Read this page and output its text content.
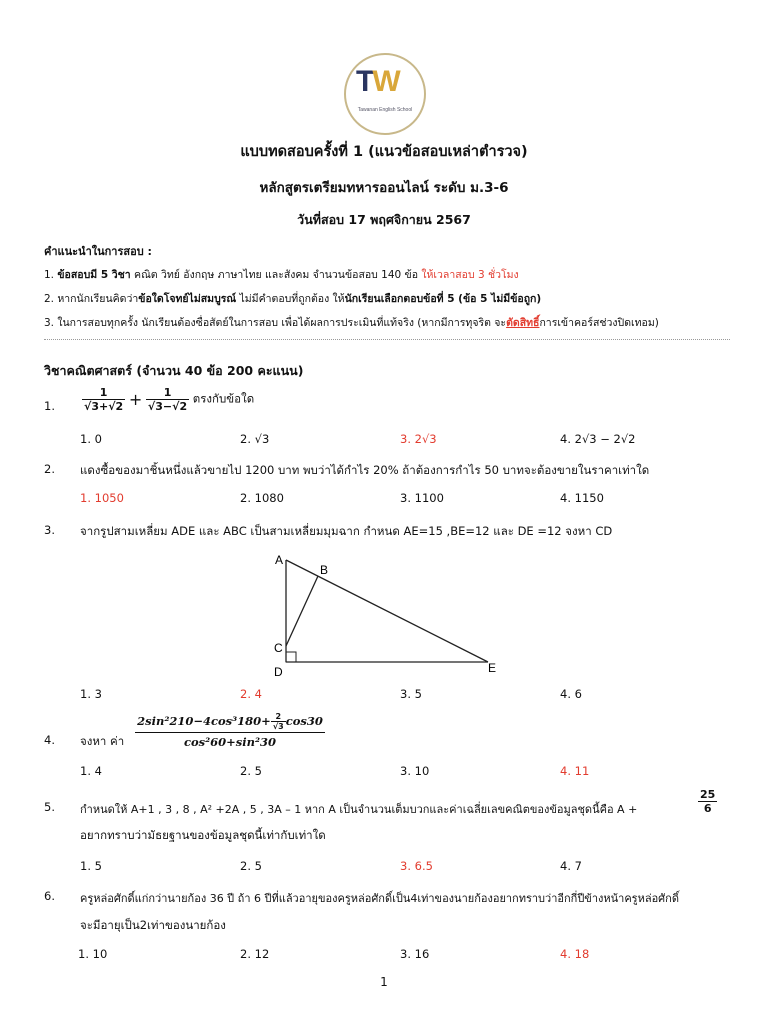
TW
Tawanan English School
แบบทดสอบครั้งที่ 1 (แนวข้อสอบเหล่าตำรวจ)
หลักสูตรเตรียมทหารออนไลน์ ระดับ ม.3-6
วันที่สอบ 17 พฤศจิกายน 2567
คำแนะนำในการสอบ :
1. ข้อสอบมี 5 วิชา คณิต วิทย์ อังกฤษ ภาษาไทย และสังคม จำนวนข้อสอบ 140 ข้อ ให้เวลาสอบ 3 ชั่วโมง
2. หากนักเรียนคิดว่าข้อใดโจทย์ไม่สมบูรณ์ ไม่มีคำตอบที่ถูกต้อง ให้นักเรียนเลือกตอบข้อที่ 5 (ข้อ 5 ไม่มีข้อถูก)
3. ในการสอบทุกครั้ง นักเรียนต้องซื่อสัตย์ในการสอบ เพื่อได้ผลการประเมินที่แท้จริง (หากมีการทุจริต จะตัดสิทธิ์การเข้าคอร์สช่วงปิดเทอม)
วิชาคณิตศาสตร์ (จำนวน 40 ข้อ 200 คะแนน)
1. $\frac{1}{√3+√2} + \frac{1}{√3-√2}$ ตรงกับข้อใด
1. 0	2. √3	3. 2√3	4. 2√3 − 2√2
2. แดงซื้อของมาชิ้นหนึ่งแล้วขายไป 1200 บาท พบว่าได้กำไร 20% ถ้าต้องการกำไร 50 บาทจะต้องขายในราคาเท่าใด
1. 1050	2. 1080	3. 1100	4. 1150
3. จากรูปสามเหลี่ยม ADE และ ABC เป็นสามเหลี่ยมมุมฉาก กำหนด AE=15 ,BE=12 และ DE =12 จงหา CD
A
B
C
D	E
1. 3	2. 4	3. 5	4. 6
4. จงหา ค่า $\frac{2\sin^2210-4\cos^3180+ \frac{2}{√3} \cos 30}{\text{cos²60+sin²30}}$
1. 4	2. 5	3. 10	4. 11
5. กำหนดให้ A+1 , 3 , 8 , A² +2A , 5 , 3A – 1 หาก A เป็นจำนวนเต็มบวกและค่าเฉลี่ยเลขคณิตของข้อมูลชุดนี้คือ A +	$\frac{25}{6}$
อยากทราบว่ามัธยฐานของข้อมูลชุดนี้เท่ากับเท่าใด
1. 5	2. 5	3. 6.5	4. 7
6. ครูหล่อศักดิ์แก่กว่านายก้อง 36 ปี ถ้า 6 ปีที่แล้วอายุของครูหล่อศักดิ์เป็น4เท่าของนายก้องอยากทราบว่าอีกกี่ปีข้างหน้าครูหล่อศักดิ์
จะมีอายุเป็น2เท่าของนายก้อง
1. 10	2. 12	3. 16	4. 18
1
